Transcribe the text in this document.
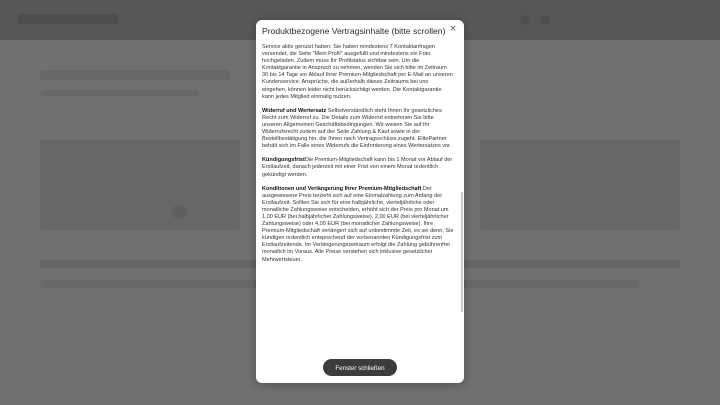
Produktbezogene Vertragsinhalte (bitte scrollen) ×

Service aktiv genutzt haben: Sie haben mindestens 7 Kontaktanfragen versendet, die Seite "Mein Profil" ausgefüllt und mindestens ein Foto hochgeladen. Zudem muss Ihr Profilstatus sichtbar sein. Um die Kontaktgarantie in Anspruch zu nehmen, wenden Sie sich bitte im Zeitraum 30 bis 14 Tage vor Ablauf Ihrer Premium-Mitgliedschaft per E-Mail an unseren Kundenservice. Ansprüche, die außerhalb dieses Zeitraums bei uns eingehen, können leider nicht berücksichtigt werden. Die Kontaktgarantie kann jedes Mitglied einmalig nutzen.

Widerruf und Wertersatz Selbstverständlich steht Ihnen Ihr gesetzliches Recht zum Widerruf zu. Die Details zum Widerruf entnehmen Sie bitte unseren Allgemeinen Geschäftsbedingungen. Wir weisen Sie auf Ihr Widerrufsrecht zudem auf der Seite Zahlung & Kauf sowie in der Bestellbestätigung hin, die Ihnen nach Vertragsschluss zugeht. ElitePartner behält sich im Falle eines Widerrufs die Einforderung eines Wertersatzes vor.

KündigungsfristDie Premium-Mitgliedschaft kann bis 1 Monat vor Ablauf der Erstlaufzeit, danach jederzeit mit einer Frist von einem Monat ordentlich gekündigt werden.

Konditionen und Verlängerung Ihrer Premium-Mitgliedschaft Der ausgewiesene Preis bezieht sich auf eine Einmalzahlung zum Anfang der Erstlaufzeit. Sollten Sie sich für eine halbjährliche, vierteljährliche oder monatliche Zahlungsweise entscheiden, erhöht sich der Preis pro Monat um 1,00 EUR (bei halbjährlicher Zahlungsweise), 2,00 EUR (bei vierteljährlicher Zahlungsweise) oder 4,00 EUR (bei monatlicher Zahlungsweise). Ihre Premium-Mitgliedschaft verlängert sich auf unbestimmte Zeit, es sei denn, Sie kündigen ordentlich entsprechend der vorbenannten Kündigungsfrist zum Erstlaufzeitende. Im Verlängerungszeitraum erfolgt die Zahlung gebührenfrei monatlich im Voraus. Alle Preise verstehen sich inklusive gesetzlicher Mehrwertsteuer.

Fenster schließen
